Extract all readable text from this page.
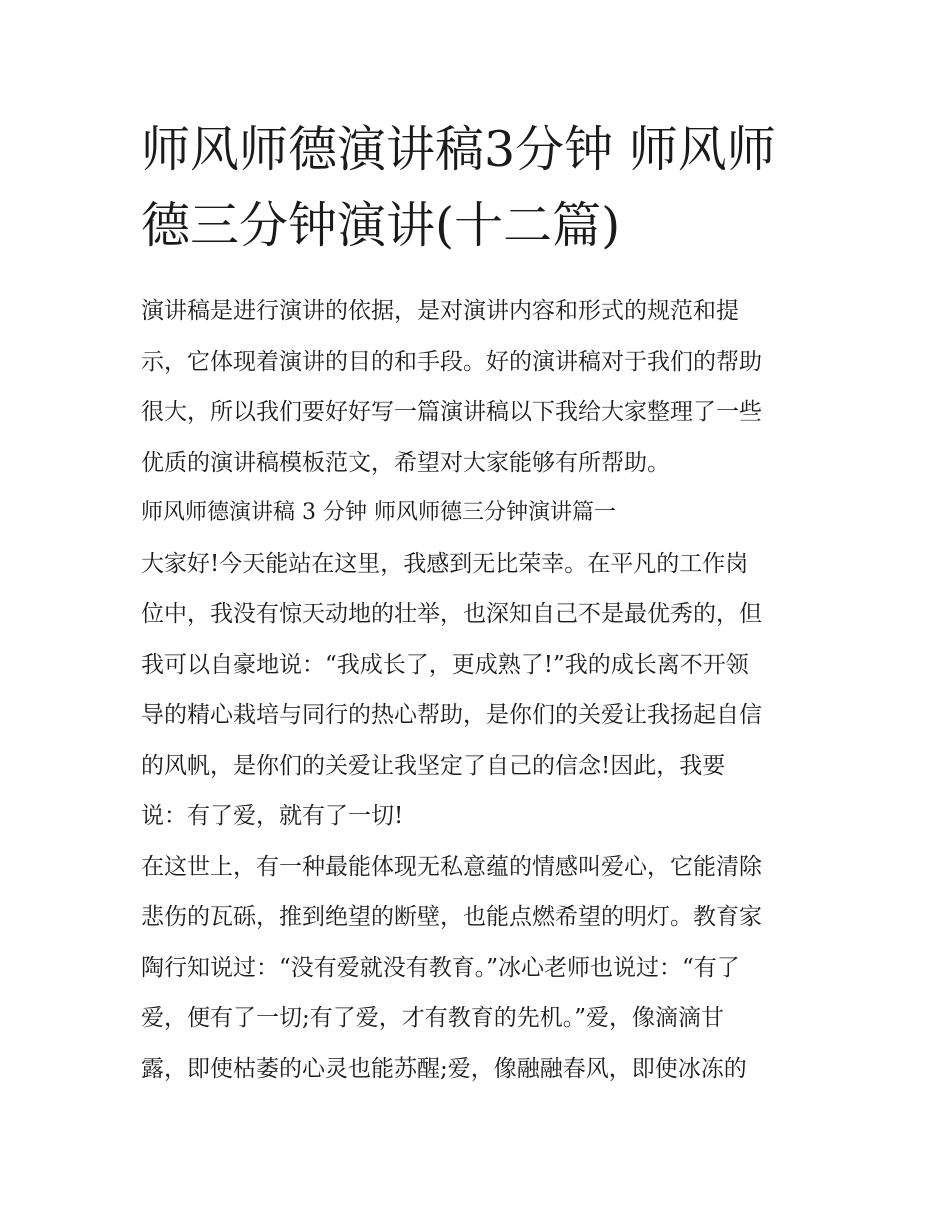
师风师德演讲稿3分钟 师风师
德三分钟演讲(十二篇)

演讲稿是进行演讲的依据，是对演讲内容和形式的规范和提
示，它体现着演讲的目的和手段。好的演讲稿对于我们的帮助
很大，所以我们要好好写一篇演讲稿以下我给大家整理了一些
优质的演讲稿模板范文，希望对大家能够有所帮助。

师风师德演讲稿 3 分钟 师风师德三分钟演讲篇一

大家好!今天能站在这里，我感到无比荣幸。在平凡的工作岗
位中，我没有惊天动地的壮举，也深知自己不是最优秀的，但
我可以自豪地说：“我成长了，更成熟了!”我的成长离不开领
导的精心栽培与同行的热心帮助，是你们的关爱让我扬起自信
的风帆，是你们的关爱让我坚定了自己的信念!因此，我要
说：有了爱，就有了一切!

在这世上，有一种最能体现无私意蕴的情感叫爱心，它能清除
悲伤的瓦砾，推到绝望的断壁，也能点燃希望的明灯。教育家
陶行知说过：“没有爱就没有教育。”冰心老师也说过：“有了
爱，便有了一切;有了爱，才有教育的先机。”爱，像滴滴甘
露，即使枯萎的心灵也能苏醒;爱，像融融春风，即使冰冻的
